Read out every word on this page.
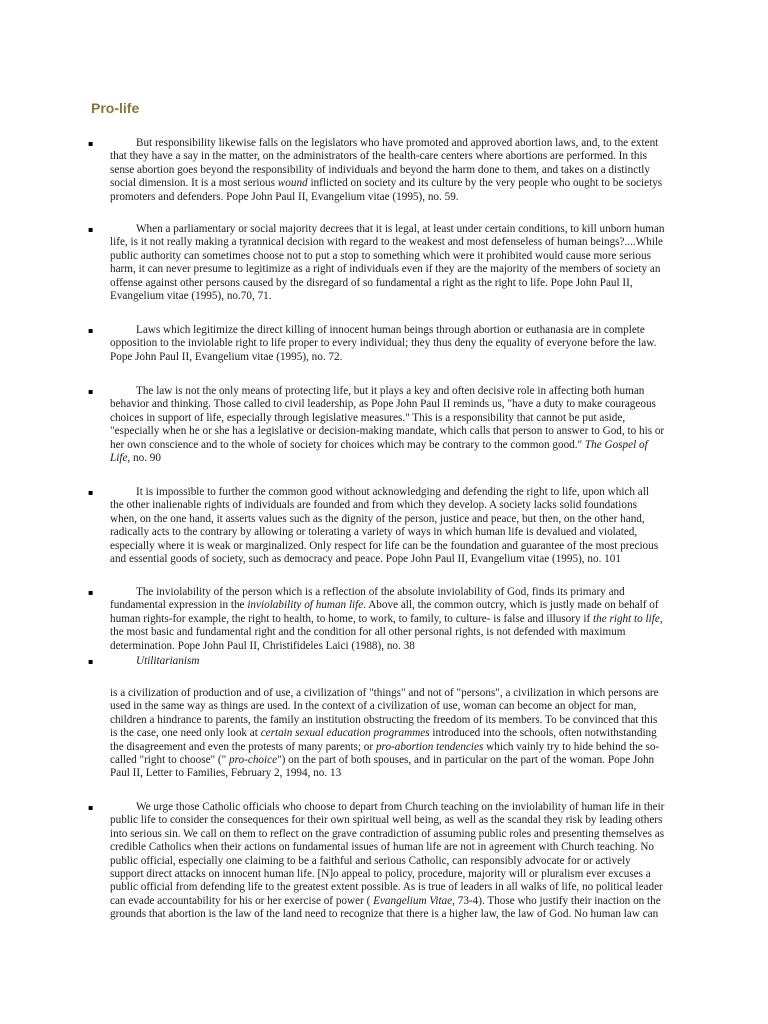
Pro-life
▪	But responsibility likewise falls on the legislators who have promoted and approved abortion laws, and, to the extent that they have a say in the matter, on the administrators of the health-care centers where abortions are performed. In this sense abortion goes beyond the responsibility of individuals and beyond the harm done to them, and takes on a distinctly social dimension. It is a most serious wound inflicted on society and its culture by the very people who ought to be societys promoters and defenders. Pope John Paul II, Evangelium vitae (1995), no. 59.

▪	When a parliamentary or social majority decrees that it is legal, at least under certain conditions, to kill unborn human life, is it not really making a tyrannical decision with regard to the weakest and most defenseless of human beings?....While public authority can sometimes choose not to put a stop to something which were it prohibited would cause more serious harm, it can never presume to legitimize as a right of individuals even if they are the majority of the members of society an offense against other persons caused by the disregard of so fundamental a right as the right to life. Pope John Paul II, Evangelium vitae (1995), no.70, 71.

▪	Laws which legitimize the direct killing of innocent human beings through abortion or euthanasia are in complete opposition to the inviolable right to life proper to every individual; they thus deny the equality of everyone before the law. Pope John Paul II, Evangelium vitae (1995), no. 72.

▪	The law is not the only means of protecting life, but it plays a key and often decisive role in affecting both human behavior and thinking. Those called to civil leadership, as Pope John Paul II reminds us, "have a duty to make courageous choices in support of life, especially through legislative measures." This is a responsibility that cannot be put aside, "especially when he or she has a legislative or decision-making mandate, which calls that person to answer to God, to his or her own conscience and to the whole of society for choices which may be contrary to the common good." The Gospel of Life, no. 90

▪	It is impossible to further the common good without acknowledging and defending the right to life, upon which all the other inalienable rights of individuals are founded and from which they develop. A society lacks solid foundations when, on the one hand, it asserts values such as the dignity of the person, justice and peace, but then, on the other hand, radically acts to the contrary by allowing or tolerating a variety of ways in which human life is devalued and violated, especially where it is weak or marginalized. Only respect for life can be the foundation and guarantee of the most precious and essential goods of society, such as democracy and peace. Pope John Paul II, Evangelium vitae (1995), no. 101

▪	The inviolability of the person which is a reflection of the absolute inviolability of God, finds its primary and fundamental expression in the inviolability of human life. Above all, the common outcry, which is justly made on behalf of human rights-for example, the right to health, to home, to work, to family, to culture- is false and illusory if the right to life, the most basic and fundamental right and the condition for all other personal rights, is not defended with maximum determination. Pope John Paul II, Christifideles Laici (1988), no. 38

▪	Utilitarianism

is a civilization of production and of use, a civilization of "things" and not of "persons", a civilization in which persons are used in the same way as things are used. In the context of a civilization of use, woman can become an object for man, children a hindrance to parents, the family an institution obstructing the freedom of its members. To be convinced that this is the case, one need only look at certain sexual education programmes introduced into the schools, often notwithstanding the disagreement and even the protests of many parents; or pro-abortion tendencies which vainly try to hide behind the so-called "right to choose" (" pro-choice") on the part of both spouses, and in particular on the part of the woman. Pope John Paul II, Letter to Families, February 2, 1994, no. 13

▪	We urge those Catholic officials who choose to depart from Church teaching on the inviolability of human life in their public life to consider the consequences for their own spiritual well being, as well as the scandal they risk by leading others into serious sin. We call on them to reflect on the grave contradiction of assuming public roles and presenting themselves as credible Catholics when their actions on fundamental issues of human life are not in agreement with Church teaching. No public official, especially one claiming to be a faithful and serious Catholic, can responsibly advocate for or actively support direct attacks on innocent human life. [N]o appeal to policy, procedure, majority will or pluralism ever excuses a public official from defending life to the greatest extent possible. As is true of leaders in all walks of life, no political leader can evade accountability for his or her exercise of power ( Evangelium Vitae, 73-4). Those who justify their inaction on the grounds that abortion is the law of the land need to recognize that there is a higher law, the law of God. No human law can
